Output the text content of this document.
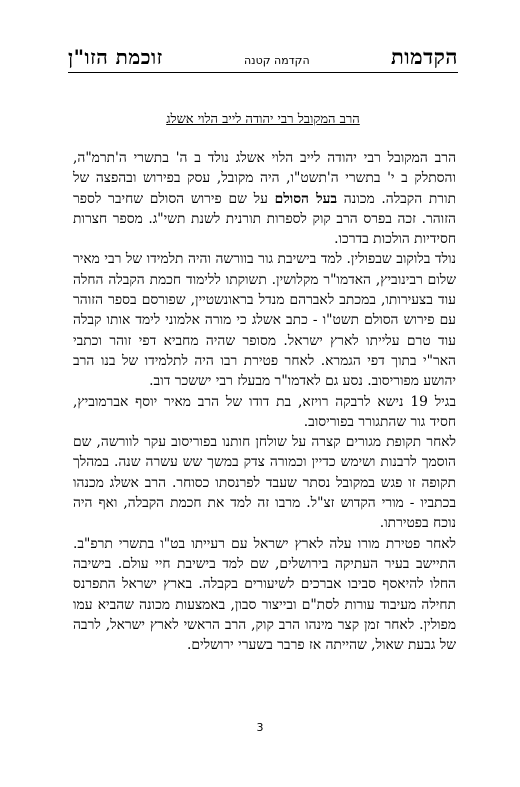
הקדמות
הקדמה קטנה
זוכמת הזו"ן
הרב המקובל רבי יהודה לייב הלוי אשלג

הרב המקובל רבי יהודה לייב הלוי אשלג נולד ב ה' בתשרי ה'תרמ"ה, והסתלק ב י' בתשרי ה'תשט"ו, היה מקובל, עסק בפירוש ובהפצה של תורת הקבלה. מכונה בעל הסולם על שם פירוש הסולם שחיבר לספר הזוהר. זכה בפרס הרב קוק לספרות תורנית לשנת תשי"ג. מספר חצרות חסידיות הולכות בדרכו.

נולד בלוקוב שבפולין. למד בישיבת גור בוורשה והיה תלמידו של רבי מאיר שלום רבינוביץ, האדמו"ר מקלושין. תשוקתו ללימוד חכמת הקבלה החלה עוד בצעירותו, במכתב לאברהם מנדל בראונשטיין, שפורסם בספר הזוהר עם פירוש הסולם תשט"ו - כתב אשלג כי מורה אלמוני לימד אותו קבלה עוד טרם עלייתו לארץ ישראל. מסופר שהיה מחביא דפי זוהר וכתבי האר"י בתוך דפי הגמרא. לאחר פטירת רבו היה לתלמידו של בנו הרב יהושע מפוריסוב. נסע גם לאדמו"ר מבעלז רבי יששכר דוב.

בגיל 19 נישא לרבקה רויזא, בת דודו של הרב מאיר יוסף אברמוביץ, חסיד גור שהתגורר בפוריסוב.

לאחר תקופת מגורים קצרה על שולחן חותנו בפוריסוב עקר לוורשה, שם הוסמך לרבנות ושימש כדיין וכמורה צדק במשך שש עשרה שנה. במהלך תקופה זו פגש במקובל נסתר שעבד לפרנסתו כסוחר. הרב אשלג מכנהו בכתביו - מורי הקדוש זצ"ל. מרבו זה למד את חכמת הקבלה, ואף היה נוכח בפטירתו.

לאחר פטירת מורו עלה לארץ ישראל עם רעייתו בט"ו בתשרי תרפ"ב. התיישב בעיר העתיקה בירושלים, שם למד בישיבת חיי עולם. בישיבה החלו להיאסף סביבו אברכים לשיעורים בקבלה. בארץ ישראל התפרנס תחילה מעיבוד עורות לסת"ם ובייצור סבון, באמצעות מכונה שהביא עמו מפולין. לאחר זמן קצר מינהו הרב קוק, הרב הראשי לארץ ישראל, לרבה של גבעת שאול, שהייתה אז פרבר בשערי ירושלים.

3
